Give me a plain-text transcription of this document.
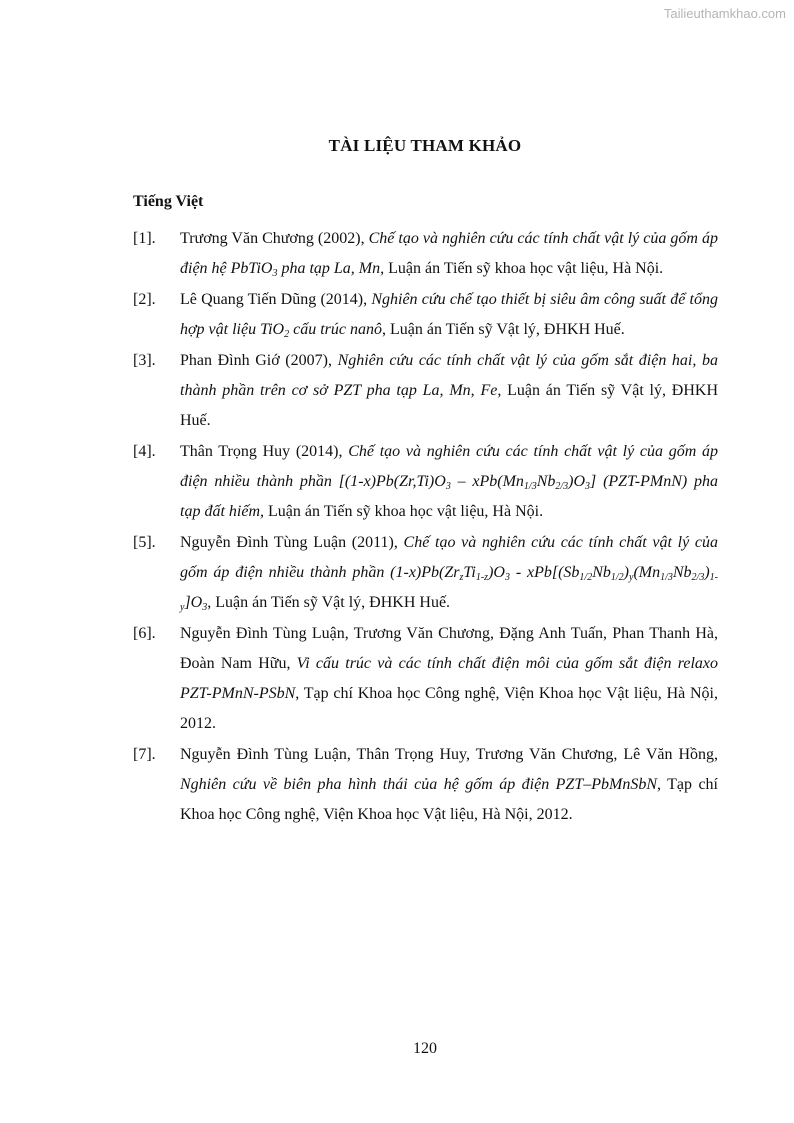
Tailieuthamkhao.com
TÀI LIỆU THAM KHẢO
Tiếng Việt
[1].	Trương Văn Chương (2002), Chế tạo và nghiên cứu các tính chất vật lý của gốm áp điện hệ PbTiO$_3$ pha tạp La, Mn, Luận án Tiến sỹ khoa học vật liệu, Hà Nội.
[2].	Lê Quang Tiến Dũng (2014), Nghiên cứu chế tạo thiết bị siêu âm công suất để tổng hợp vật liệu TiO$_2$ cấu trúc nanô, Luận án Tiến sỹ Vật lý, ĐHKH Huế.
[3].	Phan Đình Giớ (2007), Nghiên cứu các tính chất vật lý của gốm sắt điện hai, ba thành phần trên cơ sở PZT pha tạp La, Mn, Fe, Luận án Tiến sỹ Vật lý, ĐHKH Huế.
[4].	Thân Trọng Huy (2014), Chế tạo và nghiên cứu các tính chất vật lý của gốm áp điện nhiều thành phần $[(1-x)Pb(Zr,Ti)O_3 - xPb(Mn_{1/3}Nb_{2/3})O_3]$ (PZT-PMnN) pha tạp đất hiếm, Luận án Tiến sỹ khoa học vật liệu, Hà Nội.
[5].	Nguyễn Đình Tùng Luận (2011), Chế tạo và nghiên cứu các tính chất vật lý của gốm áp điện nhiều thành phần $(1-x)Pb(Zr_zTi_{1-z})O_3 - xPb[(Sb_{1/2}Nb_{1/2})_y(Mn_{1/3}Nb_{2/3})_{1-y}]O_3$, Luận án Tiến sỹ Vật lý, ĐHKH Huế.
[6].	Nguyễn Đình Tùng Luận, Trương Văn Chương, Đặng Anh Tuấn, Phan Thanh Hà, Đoàn Nam Hữu, Vi cấu trúc và các tính chất điện môi của gốm sắt điện relaxo PZT-PMnN-PSbN, Tạp chí Khoa học Công nghệ, Viện Khoa học Vật liệu, Hà Nội, 2012.
[7].	Nguyễn Đình Tùng Luận, Thân Trọng Huy, Trương Văn Chương, Lê Văn Hồng, Nghiên cứu về biên pha hình thái của hệ gốm áp điện PZT–PbMnSbN, Tạp chí Khoa học Công nghệ, Viện Khoa học Vật liệu, Hà Nội, 2012.
120
